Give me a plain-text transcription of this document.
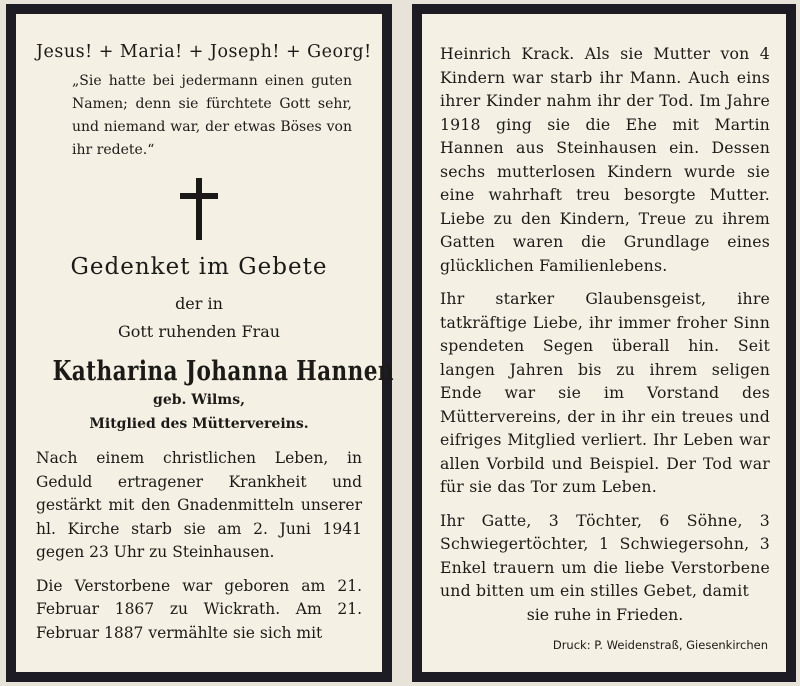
Jesus! + Maria! + Joseph! + Georg!

„Sie hatte bei jedermann einen guten Namen; denn sie fürchtete Gott sehr, und niemand war, der etwas Böses von ihr redete.“

Gedenket im Gebete

der in

Gott ruhenden Frau

Katharina Johanna Hannen

geb. Wilms,

Mitglied des Müttervereins.

Nach einem christlichen Leben, in Geduld ertragener Krankheit und gestärkt mit den Gnadenmitteln unserer hl. Kirche starb sie am 2. Juni 1941 gegen 23 Uhr zu Steinhausen.

Die Verstorbene war geboren am 21. Februar 1867 zu Wickrath. Am 21. Februar 1887 vermählte sie sich mit

Heinrich Krack. Als sie Mutter von 4 Kindern war starb ihr Mann. Auch eins ihrer Kinder nahm ihr der Tod. Im Jahre 1918 ging sie die Ehe mit Martin Hannen aus Steinhausen ein. Dessen sechs mutterlosen Kindern wurde sie eine wahrhaft treu besorgte Mutter. Liebe zu den Kindern, Treue zu ihrem Gatten waren die Grundlage eines glücklichen Familienlebens.

Ihr starker Glaubensgeist, ihre tatkräftige Liebe, ihr immer froher Sinn spendeten Segen überall hin. Seit langen Jahren bis zu ihrem seligen Ende war sie im Vorstand des Müttervereins, der in ihr ein treues und eifriges Mitglied verliert. Ihr Leben war allen Vorbild und Beispiel. Der Tod war für sie das Tor zum Leben.

Ihr Gatte, 3 Töchter, 6 Söhne, 3 Schwiegertöchter, 1 Schwiegersohn, 3 Enkel trauern um die liebe Verstorbene und bitten um ein stilles Gebet, damit

sie ruhe in Frieden.

Druck: P. Weidenstraß, Giesenkirchen
